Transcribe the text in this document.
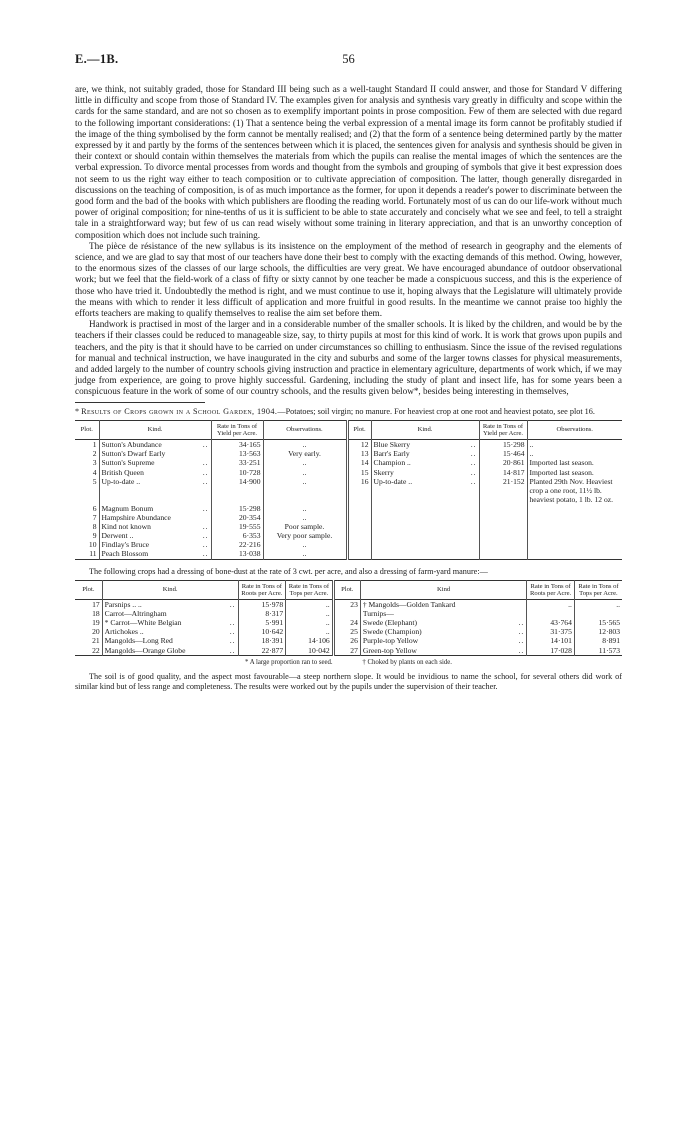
E.—1B.	56

are, we think, not suitably graded, those for Standard III being such as a well-taught Standard II could answer, and those for Standard V differing little in difficulty and scope from those of Standard IV. The examples given for analysis and synthesis vary greatly in difficulty and scope within the cards for the same standard, and are not so chosen as to exemplify important points in prose composition. Few of them are selected with due regard to the following important considerations: (1) That a sentence being the verbal expression of a mental image its form cannot be profitably studied if the image of the thing symbolised by the form cannot be mentally realised; and (2) that the form of a sentence being determined partly by the matter expressed by it and partly by the forms of the sentences between which it is placed, the sentences given for analysis and synthesis should be given in their context or should contain within themselves the materials from which the pupils can realise the mental images of which the sentences are the verbal expression. To divorce mental processes from words and thought from the symbols and grouping of symbols that give it best expression does not seem to us the right way either to teach composition or to cultivate appreciation of composition. The latter, though generally disregarded in discussions on the teaching of composition, is of as much importance as the former, for upon it depends a reader's power to discriminate between the good form and the bad of the books with which publishers are flooding the reading world. Fortunately most of us can do our life-work without much power of original composition; for nine-tenths of us it is sufficient to be able to state accurately and concisely what we see and feel, to tell a straight tale in a straightforward way; but few of us can read wisely without some training in literary appreciation, and that is an unworthy conception of composition which does not include such training.

The pièce de résistance of the new syllabus is its insistence on the employment of the method of research in geography and the elements of science, and we are glad to say that most of our teachers have done their best to comply with the exacting demands of this method. Owing, however, to the enormous sizes of the classes of our large schools, the difficulties are very great. We have encouraged abundance of outdoor observational work; but we feel that the field-work of a class of fifty or sixty cannot by one teacher be made a conspicuous success, and this is the experience of those who have tried it. Undoubtedly the method is right, and we must continue to use it, hoping always that the Legislature will ultimately provide the means with which to render it less difficult of application and more fruitful in good results. In the meantime we cannot praise too highly the efforts teachers are making to qualify themselves to realise the aim set before them.

Handwork is practised in most of the larger and in a considerable number of the smaller schools. It is liked by the children, and would be by the teachers if their classes could be reduced to manageable size, say, to thirty pupils at most for this kind of work. It is work that grows upon pupils and teachers, and the pity is that it should have to be carried on under circumstances so chilling to enthusiasm. Since the issue of the revised regulations for manual and technical instruction, we have inaugurated in the city and suburbs and some of the larger towns classes for physical measurements, and added largely to the number of country schools giving instruction and practice in elementary agriculture, departments of work which, if we may judge from experience, are going to prove highly successful. Gardening, including the study of plant and insect life, has for some years been a conspicuous feature in the work of some of our country schools, and the results given below*, besides being interesting in themselves,

* Results of Crops grown in a School Garden, 1904.—Potatoes; soil virgin; no manure. For heaviest crop at one root and heaviest potato, see plot 16.
Plot.	Kind.	Rate in Tons of Yield per Acre.	Observations.	Plot.	Kind.	Rate in Tons of Yield per Acre.	Observations.
1	Sutton's Abundance ..	34·165	..	12	Blue Skerry ..	15·298	..
2	Sutton's Dwarf Early	13·563	Very early.	13	Barr's Early ..	15·464	..
3	Sutton's Supreme ..	33·251	..	14	Champion .. ..	20·861	Imported last season.
4	British Queen ..	10·728	..	15	Skerry ..	14·817	Imported last season.
5	Up-to-date .. ..	14·900	..	16	Up-to-date .. ..	21·152	Planted 29th Nov. Heaviest crop a one root, 11½ lb. heaviest potato, 1 lb. 12 oz.
6	Magnum Bonum ..	15·298	..				
7	Hampshire Abundance	20·354	..				
8	Kind not known ..	19·555	Poor sample.				
9	Derwent .. ..	6·353	Very poor sample.				
10	Findlay's Bruce ..	22·216	..				
11	Peach Blossom ..	13·038	..				

The following crops had a dressing of bone-dust at the rate of 3 cwt. per acre, and also a dressing of farm-yard manure:—

Plot.	Kind.	Rate in Tons of Roots per Acre.	Rate in Tons of Tops per Acre.	Plot.	Kind	Rate in Tons of Roots per Acre.	Rate in Tons of Tops per Acre.
17	Parsnips .. .. ..	15·978	..	23	† Mangolds—Golden Tankard	..	..
18	Carrot—Altringham	8·317	..		Turnips—

19	* Carrot—White Belgian ..	5·991	..	24	Swede (Elephant) ..	43·764	15·565
20	Artichokes .. ..	10·642	..	25	Swede (Champion) ..	31·375	12·803
21	Mangolds—Long Red ..	18·391	14·106	26	Purple-top Yellow ..	14·101	8·891
22	Mangolds—Orange Globe ..	22·877	10·042	27	Green-top Yellow ..	17·028	11·573
* A large proportion ran to seed.	† Choked by plants on each side.

The soil is of good quality, and the aspect most favourable—a steep northern slope. It would be invidious to name the school, for several others did work of similar kind but of less range and completeness. The results were worked out by the pupils under the supervision of their teacher.
